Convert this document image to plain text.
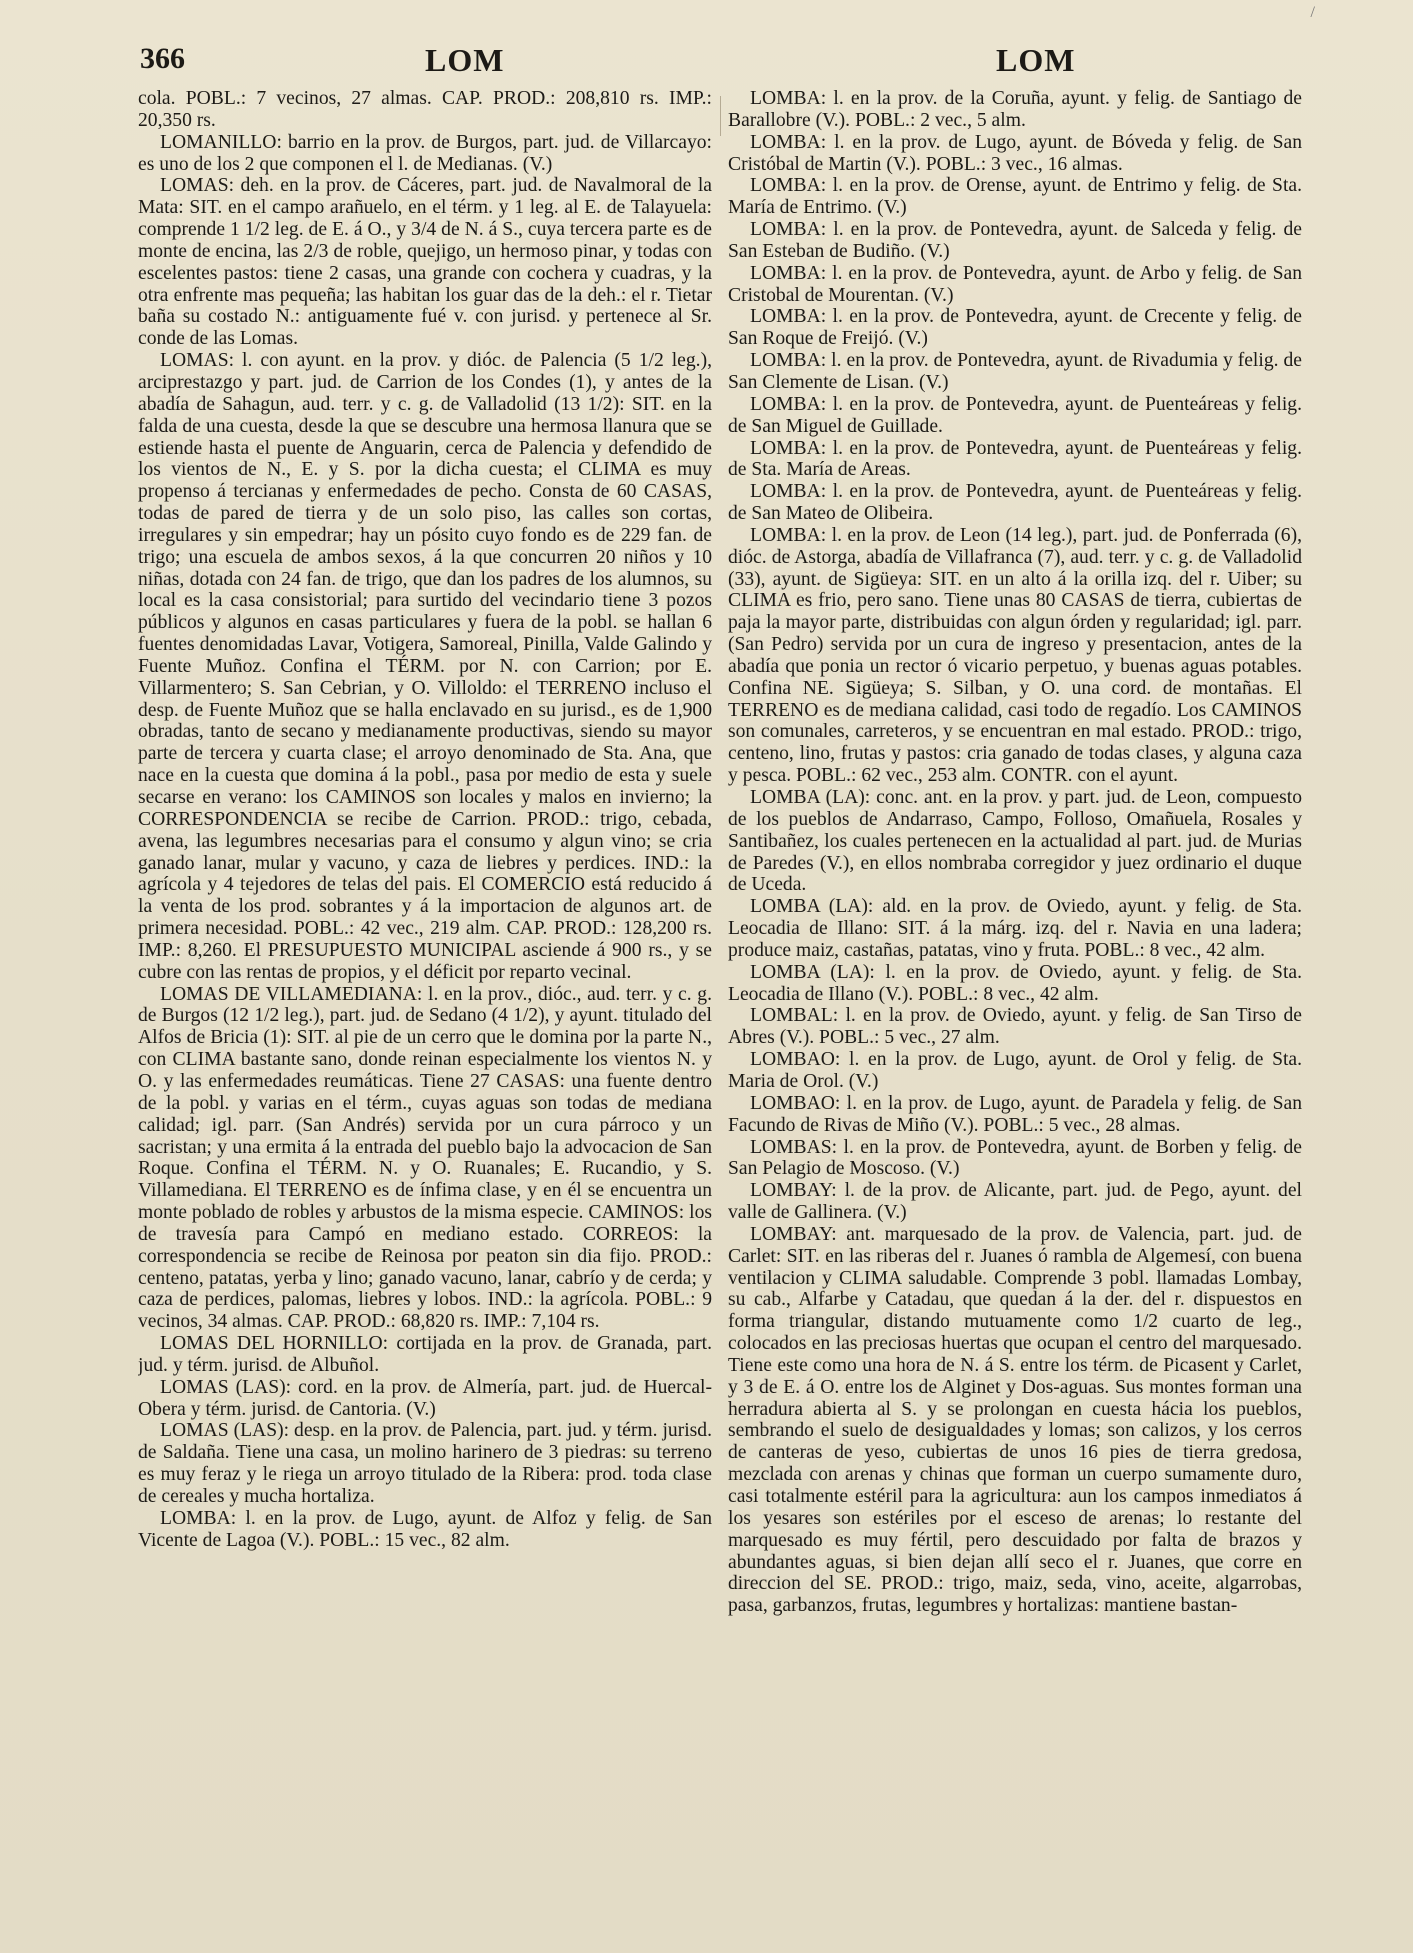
/
366	LOM	LOM

cola. POBL.: 7 vecinos, 27 almas. CAP. PROD.: 208,810 rs. IMP.: 20,350 rs.

LOMANILLO: barrio en la prov. de Burgos, part. jud. de Villarcayo: es uno de los 2 que componen el l. de Medianas. (V.)

LOMAS: deh. en la prov. de Cáceres, part. jud. de Navalmoral de la Mata: SIT. en el campo arañuelo, en el térm. y 1 leg. al E. de Talayuela: comprende 1 1/2 leg. de E. á O., y 3/4 de N. á S., cuya tercera parte es de monte de encina, las 2/3 de roble, quejigo, un hermoso pinar, y todas con escelentes pastos: tiene 2 casas, una grande con cochera y cuadras, y la otra enfrente mas pequeña; las habitan los guar das de la deh.: el r. Tietar baña su costado N.: antiguamente fué v. con jurisd. y pertenece al Sr. conde de las Lomas.

LOMAS: l. con ayunt. en la prov. y dióc. de Palencia (5 1/2 leg.), arciprestazgo y part. jud. de Carrion de los Condes (1), y antes de la abadía de Sahagun, aud. terr. y c. g. de Valladolid (13 1/2): SIT. en la falda de una cuesta, desde la que se descubre una hermosa llanura que se estiende hasta el puente de Anguarin, cerca de Palencia y defendido de los vientos de N., E. y S. por la dicha cuesta; el CLIMA es muy propenso á tercianas y enfermedades de pecho. Consta de 60 CASAS, todas de pared de tierra y de un solo piso, las calles son cortas, irregulares y sin empedrar; hay un pósito cuyo fondo es de 229 fan. de trigo; una escuela de ambos sexos, á la que concurren 20 niños y 10 niñas, dotada con 24 fan. de trigo, que dan los padres de los alumnos, su local es la casa consistorial; para surtido del vecindario tiene 3 pozos públicos y algunos en casas particulares y fuera de la pobl. se hallan 6 fuentes denomidadas Lavar, Votigera, Samoreal, Pinilla, Valde Galindo y Fuente Muñoz. Confina el TÉRM. por N. con Carrion; por E. Villarmentero; S. San Cebrian, y O. Villoldo: el TERRENO incluso el desp. de Fuente Muñoz que se halla enclavado en su jurisd., es de 1,900 obradas, tanto de secano y medianamente productivas, siendo su mayor parte de tercera y cuarta clase; el arroyo denominado de Sta. Ana, que nace en la cuesta que domina á la pobl., pasa por medio de esta y suele secarse en verano: los CAMINOS son locales y malos en invierno; la CORRESPONDENCIA se recibe de Carrion. PROD.: trigo, cebada, avena, las legumbres necesarias para el consumo y algun vino; se cria ganado lanar, mular y vacuno, y caza de liebres y perdices. IND.: la agrícola y 4 tejedores de telas del pais. El COMERCIO está reducido á la venta de los prod. sobrantes y á la importacion de algunos art. de primera necesidad. POBL.: 42 vec., 219 alm. CAP. PROD.: 128,200 rs. IMP.: 8,260. El PRESUPUESTO MUNICIPAL asciende á 900 rs., y se cubre con las rentas de propios, y el déficit por reparto vecinal.

LOMAS DE VILLAMEDIANA: l. en la prov., dióc., aud. terr. y c. g. de Burgos (12 1/2 leg.), part. jud. de Sedano (4 1/2), y ayunt. titulado del Alfos de Bricia (1): SIT. al pie de un cerro que le domina por la parte N., con CLIMA bastante sano, donde reinan especialmente los vientos N. y O. y las enfermedades reumáticas. Tiene 27 CASAS: una fuente dentro de la pobl. y varias en el térm., cuyas aguas son todas de mediana calidad; igl. parr. (San Andrés) servida por un cura párroco y un sacristan; y una ermita á la entrada del pueblo bajo la advocacion de San Roque. Confina el TÉRM. N. y O. Ruanales; E. Rucandio, y S. Villamediana. El TERRENO es de ínfima clase, y en él se encuentra un monte poblado de robles y arbustos de la misma especie. CAMINOS: los de travesía para Campó en mediano estado. CORREOS: la correspondencia se recibe de Reinosa por peaton sin dia fijo. PROD.: centeno, patatas, yerba y lino; ganado vacuno, lanar, cabrío y de cerda; y caza de perdices, palomas, liebres y lobos. IND.: la agrícola. POBL.: 9 vecinos, 34 almas. CAP. PROD.: 68,820 rs. IMP.: 7,104 rs.

LOMAS DEL HORNILLO: cortijada en la prov. de Granada, part. jud. y térm. jurisd. de Albuñol.

LOMAS (LAS): cord. en la prov. de Almería, part. jud. de Huercal-Obera y térm. jurisd. de Cantoria. (V.)

LOMAS (LAS): desp. en la prov. de Palencia, part. jud. y térm. jurisd. de Saldaña. Tiene una casa, un molino harinero de 3 piedras: su terreno es muy feraz y le riega un arroyo titulado de la Ribera: prod. toda clase de cereales y mucha hortaliza.

LOMBA: l. en la prov. de Lugo, ayunt. de Alfoz y felig. de San Vicente de Lagoa (V.). POBL.: 15 vec., 82 alm.

LOMBA: l. en la prov. de la Coruña, ayunt. y felig. de Santiago de Barallobre (V.). POBL.: 2 vec., 5 alm.

LOMBA: l. en la prov. de Lugo, ayunt. de Bóveda y felig. de San Cristóbal de Martin (V.). POBL.: 3 vec., 16 almas.

LOMBA: l. en la prov. de Orense, ayunt. de Entrimo y felig. de Sta. María de Entrimo. (V.)

LOMBA: l. en la prov. de Pontevedra, ayunt. de Salceda y felig. de San Esteban de Budiño. (V.)

LOMBA: l. en la prov. de Pontevedra, ayunt. de Arbo y felig. de San Cristobal de Mourentan. (V.)

LOMBA: l. en la prov. de Pontevedra, ayunt. de Crecente y felig. de San Roque de Freijó. (V.)

LOMBA: l. en la prov. de Pontevedra, ayunt. de Rivadumia y felig. de San Clemente de Lisan. (V.)

LOMBA: l. en la prov. de Pontevedra, ayunt. de Puenteáreas y felig. de San Miguel de Guillade.

LOMBA: l. en la prov. de Pontevedra, ayunt. de Puenteáreas y felig. de Sta. María de Areas.

LOMBA: l. en la prov. de Pontevedra, ayunt. de Puenteáreas y felig. de San Mateo de Olibeira.

LOMBA: l. en la prov. de Leon (14 leg.), part. jud. de Ponferrada (6), dióc. de Astorga, abadía de Villafranca (7), aud. terr. y c. g. de Valladolid (33), ayunt. de Sigüeya: SIT. en un alto á la orilla izq. del r. Uiber; su CLIMA es frio, pero sano. Tiene unas 80 CASAS de tierra, cubiertas de paja la mayor parte, distribuidas con algun órden y regularidad; igl. parr. (San Pedro) servida por un cura de ingreso y presentacion, antes de la abadía que ponia un rector ó vicario perpetuo, y buenas aguas potables. Confina NE. Sigüeya; S. Silban, y O. una cord. de montañas. El TERRENO es de mediana calidad, casi todo de regadío. Los CAMINOS son comunales, carreteros, y se encuentran en mal estado. PROD.: trigo, centeno, lino, frutas y pastos: cria ganado de todas clases, y alguna caza y pesca. POBL.: 62 vec., 253 alm. CONTR. con el ayunt.

LOMBA (LA): conc. ant. en la prov. y part. jud. de Leon, compuesto de los pueblos de Andarraso, Campo, Folloso, Omañuela, Rosales y Santibañez, los cuales pertenecen en la actualidad al part. jud. de Murias de Paredes (V.), en ellos nombraba corregidor y juez ordinario el duque de Uceda.

LOMBA (LA): ald. en la prov. de Oviedo, ayunt. y felig. de Sta. Leocadia de Illano: SIT. á la márg. izq. del r. Navia en una ladera; produce maiz, castañas, patatas, vino y fruta. POBL.: 8 vec., 42 alm.

LOMBA (LA): l. en la prov. de Oviedo, ayunt. y felig. de Sta. Leocadia de Illano (V.). POBL.: 8 vec., 42 alm.

LOMBAL: l. en la prov. de Oviedo, ayunt. y felig. de San Tirso de Abres (V.). POBL.: 5 vec., 27 alm.

LOMBAO: l. en la prov. de Lugo, ayunt. de Orol y felig. de Sta. Maria de Orol. (V.)

LOMBAO: l. en la prov. de Lugo, ayunt. de Paradela y felig. de San Facundo de Rivas de Miño (V.). POBL.: 5 vec., 28 almas.

LOMBAS: l. en la prov. de Pontevedra, ayunt. de Borben y felig. de San Pelagio de Moscoso. (V.)

LOMBAY: l. de la prov. de Alicante, part. jud. de Pego, ayunt. del valle de Gallinera. (V.)

LOMBAY: ant. marquesado de la prov. de Valencia, part. jud. de Carlet: SIT. en las riberas del r. Juanes ó rambla de Algemesí, con buena ventilacion y CLIMA saludable. Comprende 3 pobl. llamadas Lombay, su cab., Alfarbe y Catadau, que quedan á la der. del r. dispuestos en forma triangular, distando mutuamente como 1/2 cuarto de leg., colocados en las preciosas huertas que ocupan el centro del marquesado. Tiene este como una hora de N. á S. entre los térm. de Picasent y Carlet, y 3 de E. á O. entre los de Alginet y Dos-aguas. Sus montes forman una herradura abierta al S. y se prolongan en cuesta hácia los pueblos, sembrando el suelo de desigualdades y lomas; son calizos, y los cerros de canteras de yeso, cubiertas de unos 16 pies de tierra gredosa, mezclada con arenas y chinas que forman un cuerpo sumamente duro, casi totalmente estéril para la agricultura: aun los campos inmediatos á los yesares son estériles por el esceso de arenas; lo restante del marquesado es muy fértil, pero descuidado por falta de brazos y abundantes aguas, si bien dejan allí seco el r. Juanes, que corre en direccion del SE. PROD.: trigo, maiz, seda, vino, aceite, algarrobas, pasa, garbanzos, frutas, legumbres y hortalizas: mantiene bastan-
